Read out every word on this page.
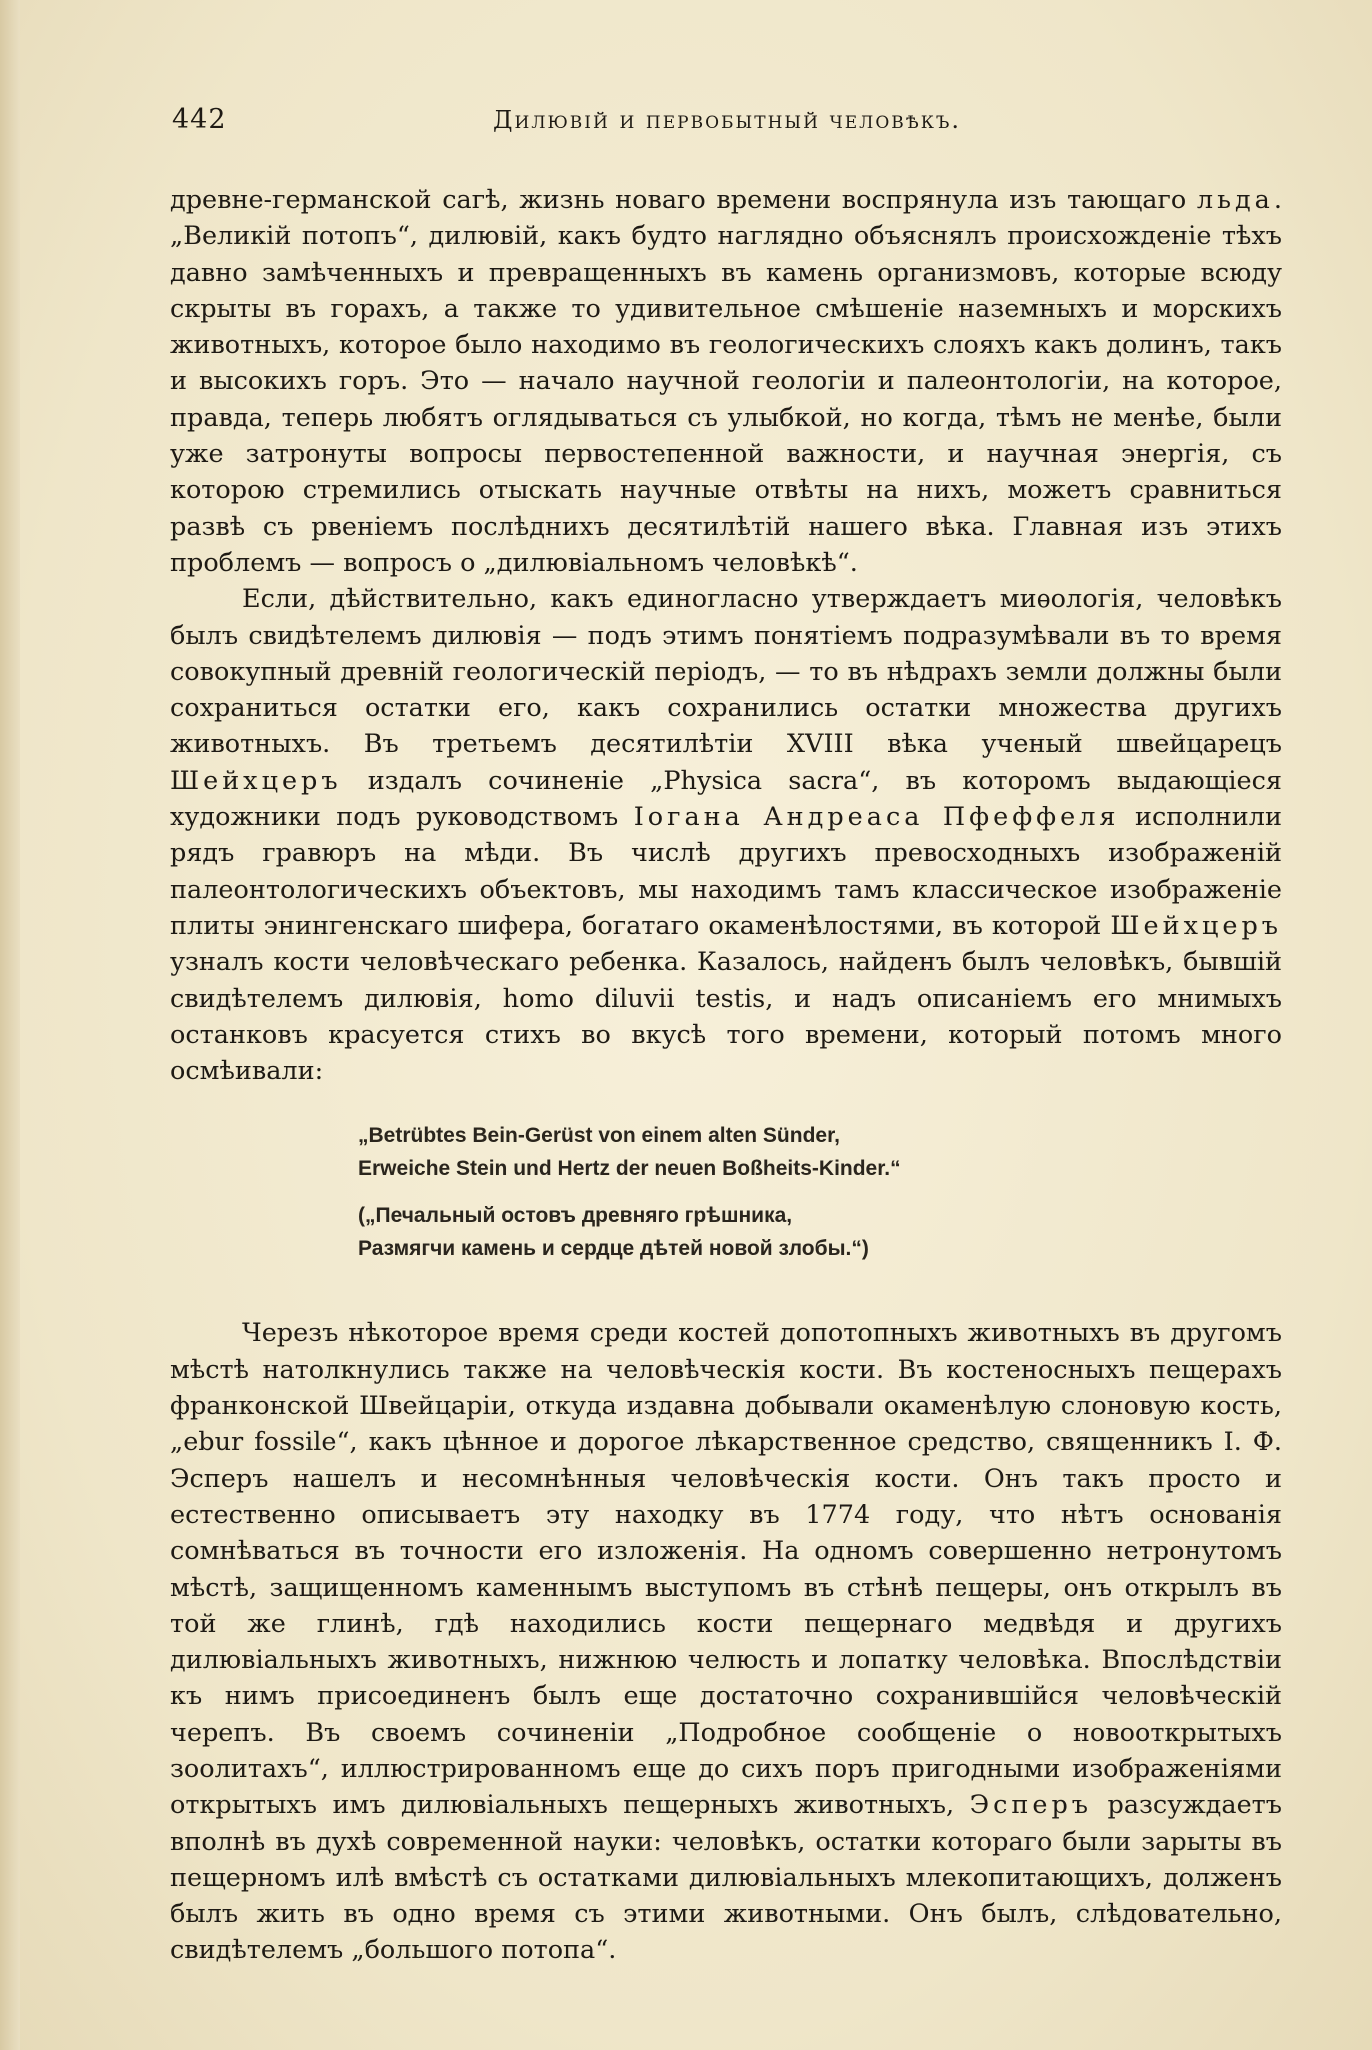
442	Дилювій и первобытный человѣкъ.

древне-германской сагѣ, жизнь новаго времени воспрянула изъ тающаго льда. „Великій потопъ“, дилювій, какъ будто наглядно объяснялъ происхожденіе тѣхъ давно замѣченныхъ и превращенныхъ въ камень организмовъ, которые всюду скрыты въ горахъ, а также то удивительное смѣшеніе наземныхъ и морскихъ животныхъ, которое было находимо въ геологическихъ слояхъ какъ долинъ, такъ и высокихъ горъ. Это — начало научной геологіи и палеонтологіи, на которое, правда, теперь любятъ оглядываться съ улыбкой, но когда, тѣмъ не менѣе, были уже затронуты вопросы первостепенной важности, и научная энергія, съ которою стремились отыскать научные отвѣты на нихъ, можетъ сравниться развѣ съ рвеніемъ послѣднихъ десятилѣтій нашего вѣка. Главная изъ этихъ проблемъ — вопросъ о „дилювіальномъ человѣкѣ“.

Если, дѣйствительно, какъ единогласно утверждаетъ миѳологія, человѣкъ былъ свидѣтелемъ дилювія — подъ этимъ понятіемъ подразумѣвали въ то время совокупный древній геологическій періодъ, — то въ нѣдрахъ земли должны были сохраниться остатки его, какъ сохранились остатки множества другихъ животныхъ. Въ третьемъ десятилѣтіи XVIII вѣка ученый швейцарецъ Шейхцеръ издалъ сочиненіе „Physica sacra“, въ которомъ выдающіеся художники подъ руководствомъ Іогана Андреаса Пфеффеля исполнили рядъ гравюръ на мѣди. Въ числѣ другихъ превосходныхъ изображеній палеонтологическихъ объектовъ, мы находимъ тамъ классическое изображеніе плиты энингенскаго шифера, богатаго окаменѣлостями, въ которой Шейхцеръ узналъ кости человѣческаго ребенка. Казалось, найденъ былъ человѣкъ, бывшій свидѣтелемъ дилювія, homo diluvii testis, и надъ описаніемъ его мнимыхъ останковъ красуется стихъ во вкусѣ того времени, который потомъ много осмѣивали:

„Betrübtes Bein-Gerüst von einem alten Sünder,
Erweiche Stein und Hertz der neuen Boßheits-Kinder.“
(„Печальный остовъ древняго грѣшника,
Размягчи камень и сердце дѣтей новой злобы.“)

Черезъ нѣкоторое время среди костей допотопныхъ животныхъ въ другомъ мѣстѣ натолкнулись также на человѣческія кости. Въ костеносныхъ пещерахъ франконской Швейцаріи, откуда издавна добывали окаменѣлую слоновую кость, „ebur fossile“, какъ цѣнное и дорогое лѣкарственное средство, священникъ І. Ф. Эсперъ нашелъ и несомнѣнныя человѣческія кости. Онъ такъ просто и естественно описываетъ эту находку въ 1774 году, что нѣтъ основанія сомнѣваться въ точности его изложенія. На одномъ совершенно нетронутомъ мѣстѣ, защищенномъ каменнымъ выступомъ въ стѣнѣ пещеры, онъ открылъ въ той же глинѣ, гдѣ находились кости пещернаго медвѣдя и другихъ дилювіальныхъ животныхъ, нижнюю челюсть и лопатку человѣка. Впослѣдствіи къ нимъ присоединенъ былъ еще достаточно сохранившійся человѣческій черепъ. Въ своемъ сочиненіи „Подробное сообщеніе о новооткрытыхъ зоолитахъ“, иллюстрированномъ еще до сихъ поръ пригодными изображеніями открытыхъ имъ дилювіальныхъ пещерныхъ животныхъ, Эсперъ разсуждаетъ вполнѣ въ духѣ современной науки: человѣкъ, остатки котораго были зарыты въ пещерномъ илѣ вмѣстѣ съ остатками дилювіальныхъ млекопитающихъ, долженъ былъ жить въ одно время съ этими животными. Онъ былъ, слѣдовательно, свидѣтелемъ „большого потопа“.
